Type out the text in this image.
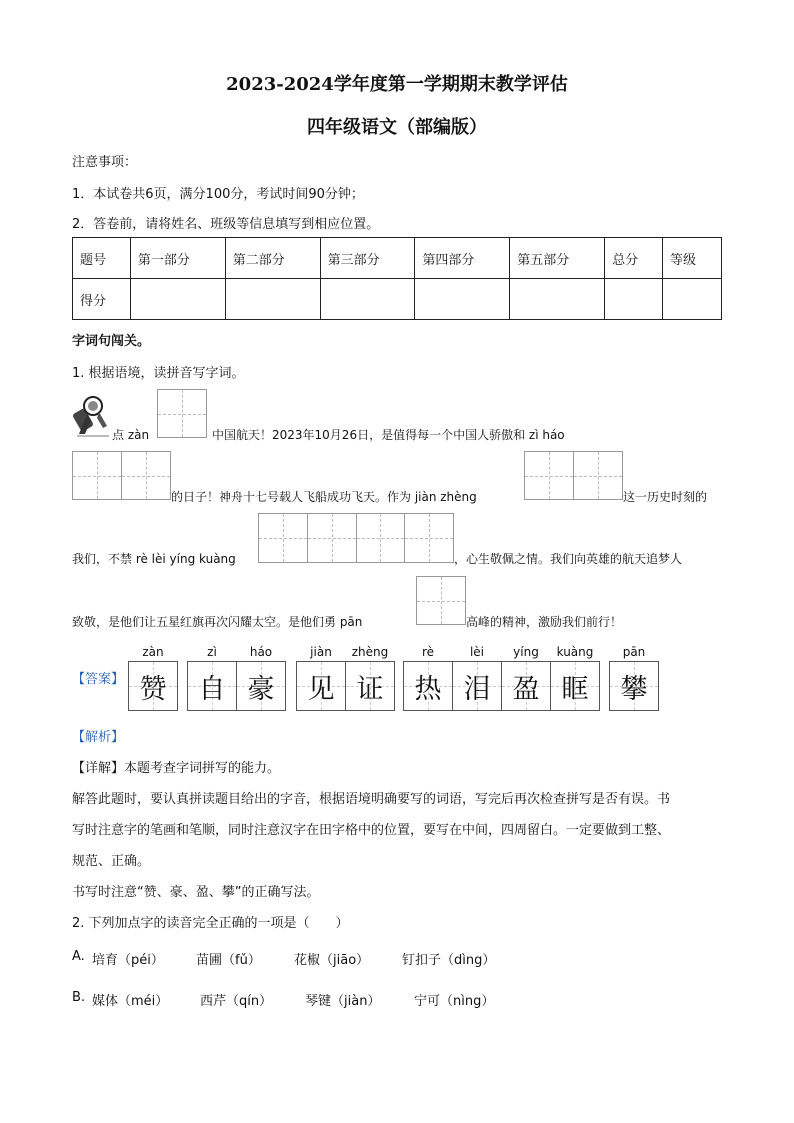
2023-2024学年度第一学期期末教学评估
四年级语文（部编版）
注意事项：
1．本试卷共6页，满分100分，考试时间90分钟；
2．答卷前，请将姓名、班级等信息填写到相应位置。
题号	第一部分	第二部分	第三部分	第四部分	第五部分	总分	等级
得分							
字词句闯关。
1. 根据语境，读拼音写字词。
点 zàn	中国航天！2023年10月26日，是值得每一个中国人骄傲和 zì háo
的日子！神舟十七号载人飞船成功飞天。作为 jiàn zhèng	这一历史时刻的
我们，不禁 rè lèi yíng kuàng	，心生敬佩之情。我们向英雄的航天追梦人
致敬，是他们让五星红旗再次闪耀太空。是他们勇 pān	高峰的精神，激励我们前行！
【答案】
zàn	zì	háo	jiàn	zhèng	rè	lèi	yíng	kuàng	pān
赞 自 豪 见 证 热 泪 盈 眶 攀
【解析】
【详解】本题考查字词拼写的能力。
解答此题时，要认真拼读题目给出的字音，根据语境明确要写的词语，写完后再次检查拼写是否有误。书
写时注意字的笔画和笔顺，同时注意汉字在田字格中的位置，要写在中间，四周留白。一定要做到工整、
规范、正确。
书写时注意“赞、豪、盈、攀”的正确写法。
2. 下列加点字的读音完全正确的一项是（　　）
A. 培育（péi） 苗圃（fǔ）	花椒（jiāo）	钉扣子（dìng）
B. 媒体（méi） 西芹（qín）	琴键（jiàn）	宁可（nìng）
